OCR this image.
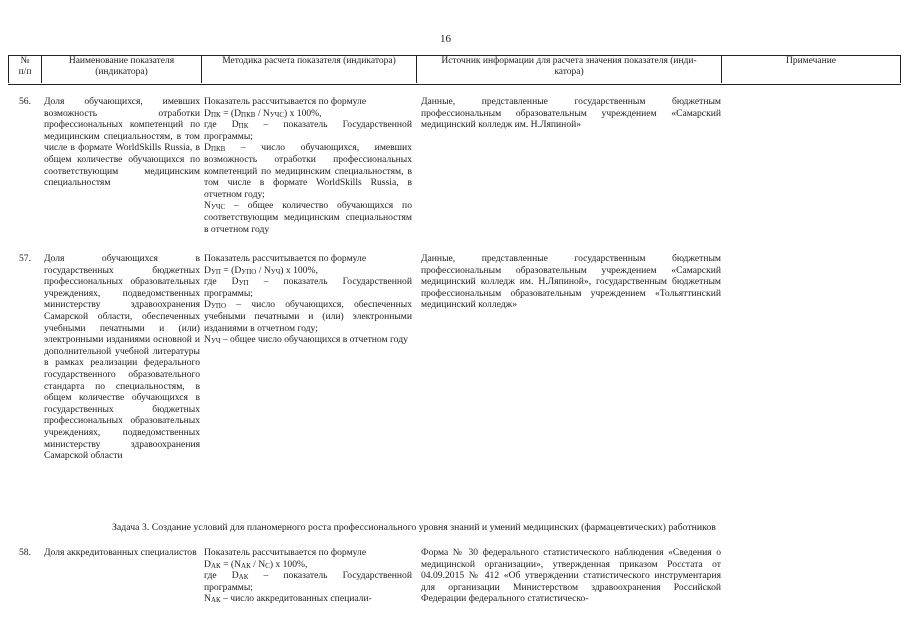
16
№
п/п
Наименование показателя
(индикатора)
Методика расчета показателя (индикатора)	Источник информации для расчета значения показателя (инди-
катора)
Примечание
56. Доля обучающихся, имевших возможность отработки профессиональных компетенций по медицинским специальностям, в том числе в формате WorldSkills Russia, в общем количестве обучающихся по соответствующим медицинским специальностям
Показатель рассчитывается по формуле
$D_{ПК} = (D_{ПКВ} / N_{УЧС})$ x 100%,
где $D_{ПК}$ – показатель Государственной программы;
$D_{ПКВ}$ – число обучающихся, имевших возможность отработки профессиональных компетенций по медицинским специальностям, в том числе в формате WorldSkills Russia, в отчетном году;
$N_{УЧС}$ – общее количество обучающихся по соответствующим медицинским специальностям в отчетном году
Данные, представленные государственным бюджетным профессиональным образовательным учреждением «Самарский медицинский колледж им. Н.Ляпиной»
57. Доля обучающихся в государственных бюджетных профессиональных образовательных учреждениях, подведомственных министерству здравоохранения Самарской области, обеспеченных учебными печатными и (или) электронными изданиями основной и дополнительной учебной литературы в рамках реализации федерального государственного образовательного стандарта по специальностям, в общем количестве обучающихся в государственных бюджетных профессиональных образовательных учреждениях, подведомственных министерству здравоохранения Самарской области
Показатель рассчитывается по формуле
$D_{УП} = (D_{УПО} / N_{УЧ})$ x 100%,
где $D_{УП}$ – показатель Государственной программы;
$D_{УПО}$ – число обучающихся, обеспеченных учебными печатными и (или) электронными изданиями в отчетном году;
$N_{УЧ}$ – общее число обучающихся в отчетном году
Данные, представленные государственным бюджетным профессиональным образовательным учреждением «Самарский медицинский колледж им. Н.Ляпиной», государственным бюджетным профессиональным образовательным учреждением «Тольяттинский медицинский колледж»
Задача 3. Создание условий для планомерного роста профессионального уровня знаний и умений медицинских (фармацевтических) работников
58. Доля аккредитованных специалистов Показатель рассчитывается по формуле
$D_{АК} = (N_{АК} / N_С)$ x 100%,
где $D_{АК}$ – показатель Государственной программы;
$N_{АК}$ – число аккредитованных специали-
Форма № 30 федерального статистического наблюдения «Сведения о медицинской организации», утвержденная приказом Росстата от 04.09.2015 № 412 «Об утверждении статистического инструментария для организации Министерством здравоохранения Российской Федерации федерального статистическо-
